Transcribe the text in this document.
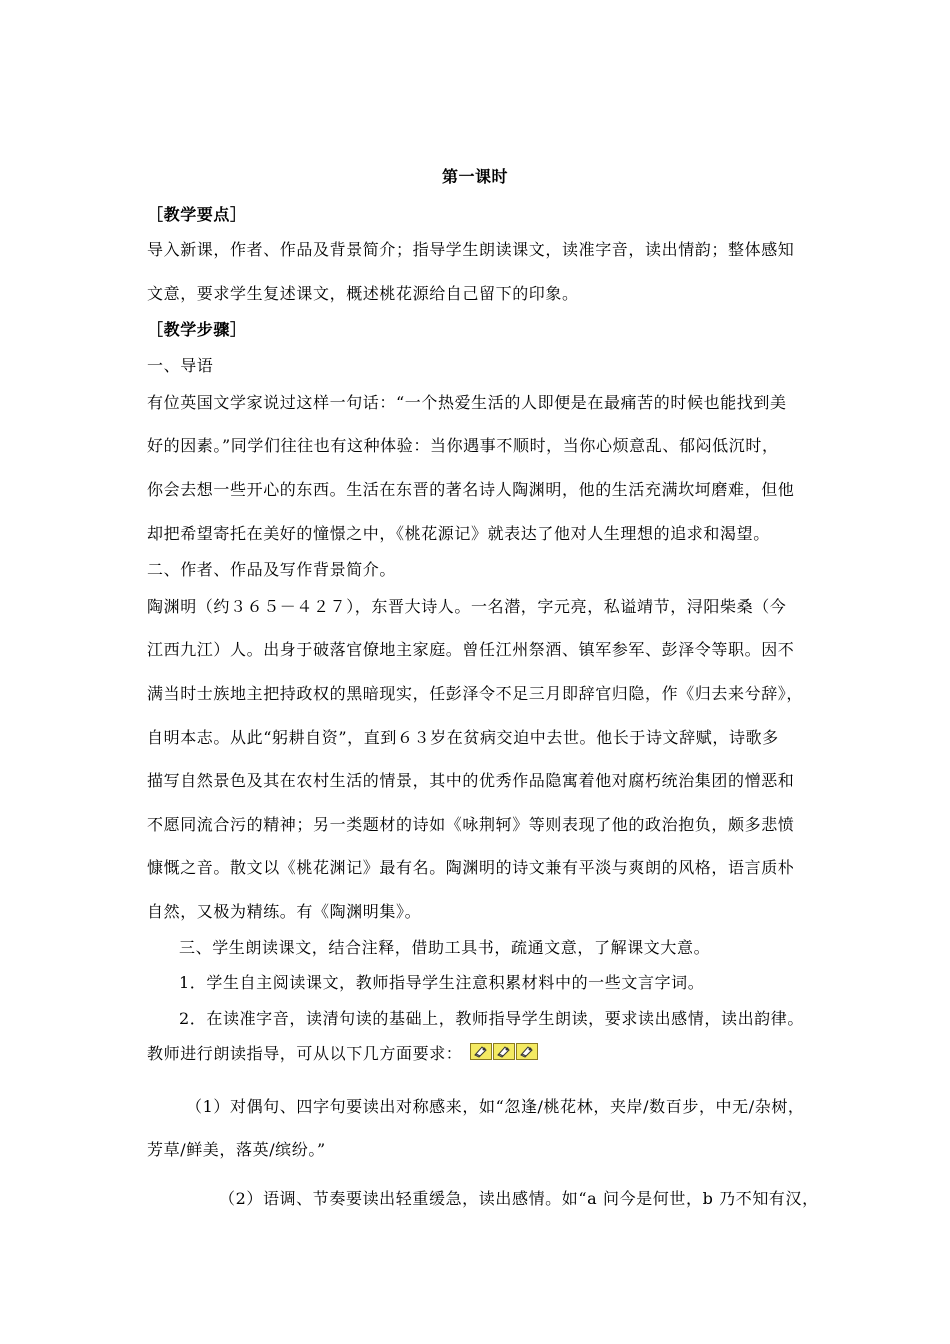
第一课时
［教学要点］
导入新课，作者、作品及背景简介；指导学生朗读课文，读准字音，读出情韵；整体感知
文意，要求学生复述课文，概述桃花源给自己留下的印象。
［教学步骤］
一、导语
有位英国文学家说过这样一句话：“一个热爱生活的人即便是在最痛苦的时候也能找到美
好的因素。”同学们往往也有这种体验：当你遇事不顺时，当你心烦意乱、郁闷低沉时，
你会去想一些开心的东西。生活在东晋的著名诗人陶渊明，他的生活充满坎坷磨难，但他
却把希望寄托在美好的憧憬之中，《桃花源记》就表达了他对人生理想的追求和渴望。
二、作者、作品及写作背景简介。
陶渊明（约３６５－４２７），东晋大诗人。一名潜，字元亮，私谥靖节，浔阳柴桑（今
江西九江）人。出身于破落官僚地主家庭。曾任江州祭酒、镇军参军、彭泽令等职。因不
满当时士族地主把持政权的黑暗现实，任彭泽令不足三月即辞官归隐，作《归去来兮辞》，
自明本志。从此“躬耕自资”，直到６３岁在贫病交迫中去世。他长于诗文辞赋，诗歌多
描写自然景色及其在农村生活的情景，其中的优秀作品隐寓着他对腐朽统治集团的憎恶和
不愿同流合污的精神；另一类题材的诗如《咏荆轲》等则表现了他的政治抱负，颇多悲愤
慷慨之音。散文以《桃花渊记》最有名。陶渊明的诗文兼有平淡与爽朗的风格，语言质朴
自然，又极为精练。有《陶渊明集》。
三、学生朗读课文，结合注释，借助工具书，疏通文意，了解课文大意。
1．学生自主阅读课文，教师指导学生注意积累材料中的一些文言字词。
2．在读准字音，读清句读的基础上，教师指导学生朗读，要求读出感情，读出韵律。
教师进行朗读指导，可从以下几方面要求：
（1）对偶句、四字句要读出对称感来，如“忽逢/桃花林，夹岸/数百步，中无/杂树，
芳草/鲜美，落英/缤纷。”
（2）语调、节奏要读出轻重缓急，读出感情。如“a 问今是何世，b 乃不知有汉，
